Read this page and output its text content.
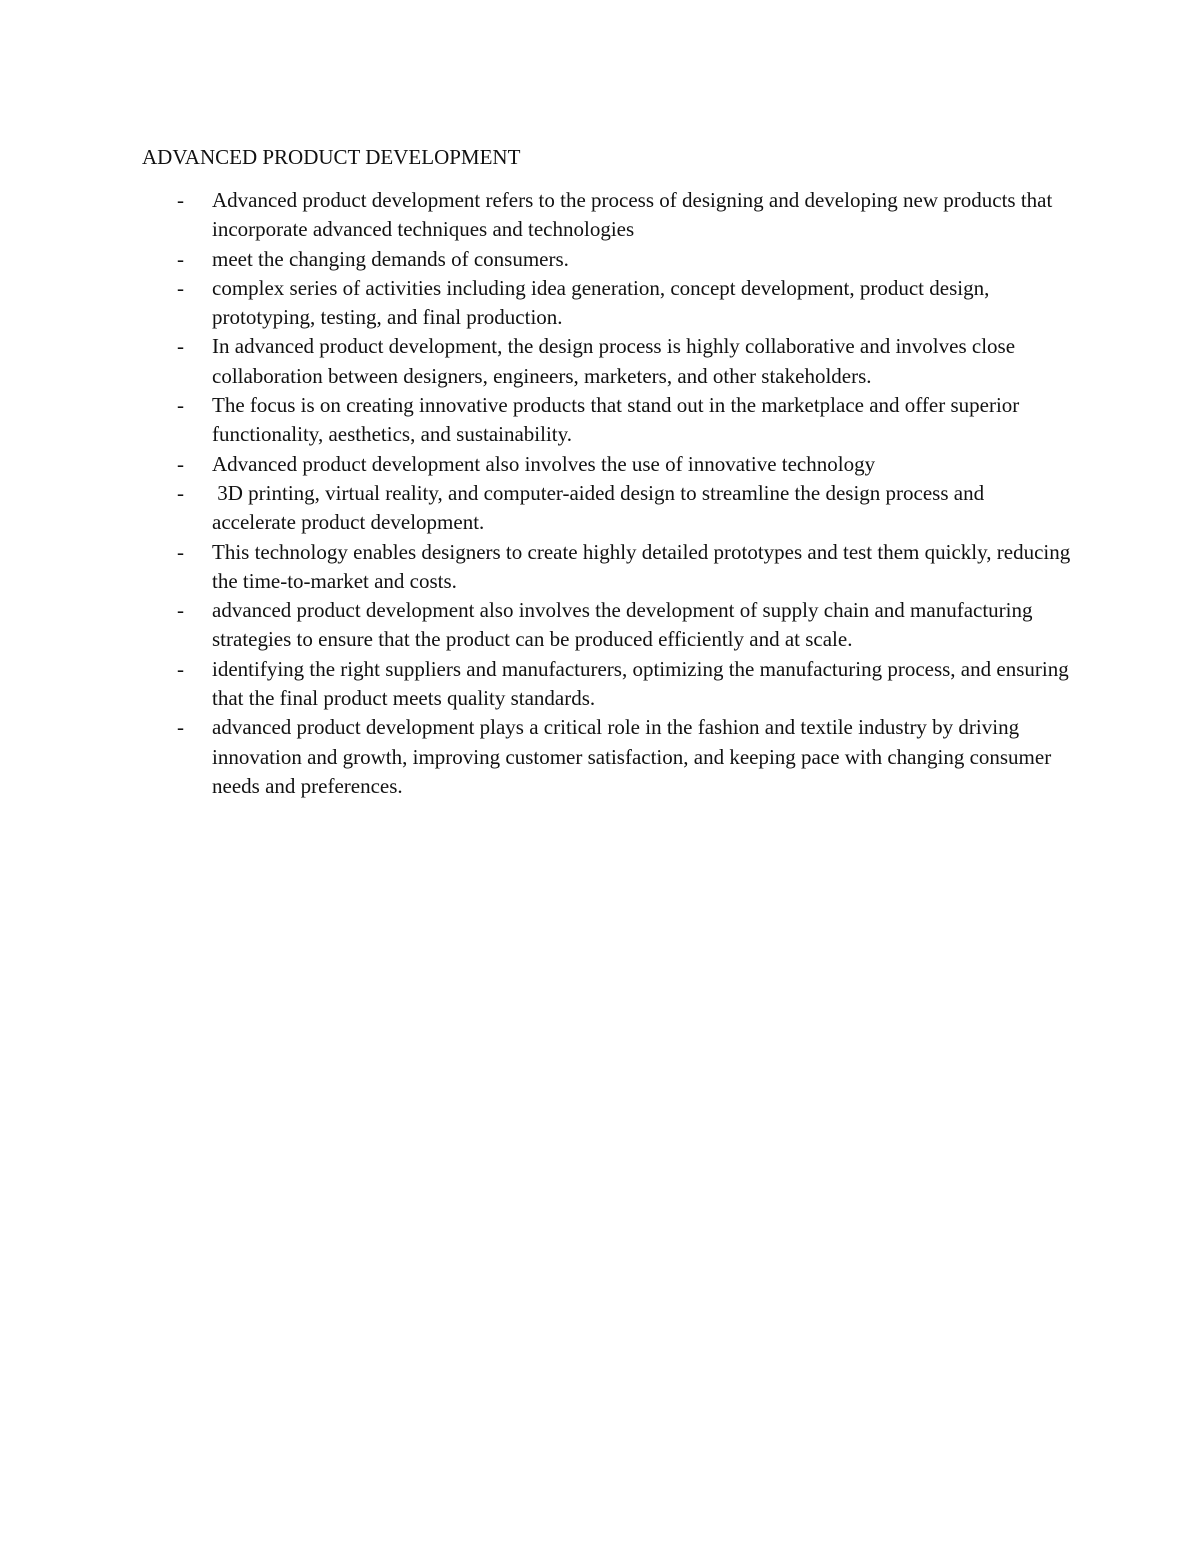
ADVANCED PRODUCT DEVELOPMENT
-	Advanced product development refers to the process of designing and developing new products that incorporate advanced techniques and technologies
-	meet the changing demands of consumers.
-	complex series of activities including idea generation, concept development, product design, prototyping, testing, and final production.
-	In advanced product development, the design process is highly collaborative and involves close collaboration between designers, engineers, marketers, and other stakeholders.
-	The focus is on creating innovative products that stand out in the marketplace and offer superior functionality, aesthetics, and sustainability.
-	Advanced product development also involves the use of innovative technology
-	3D printing, virtual reality, and computer-aided design to streamline the design process and accelerate product development.
-	This technology enables designers to create highly detailed prototypes and test them quickly, reducing the time-to-market and costs.
-	advanced product development also involves the development of supply chain and manufacturing strategies to ensure that the product can be produced efficiently and at scale.
-	identifying the right suppliers and manufacturers, optimizing the manufacturing process, and ensuring that the final product meets quality standards.
-	advanced product development plays a critical role in the fashion and textile industry by driving innovation and growth, improving customer satisfaction, and keeping pace with changing consumer needs and preferences.
